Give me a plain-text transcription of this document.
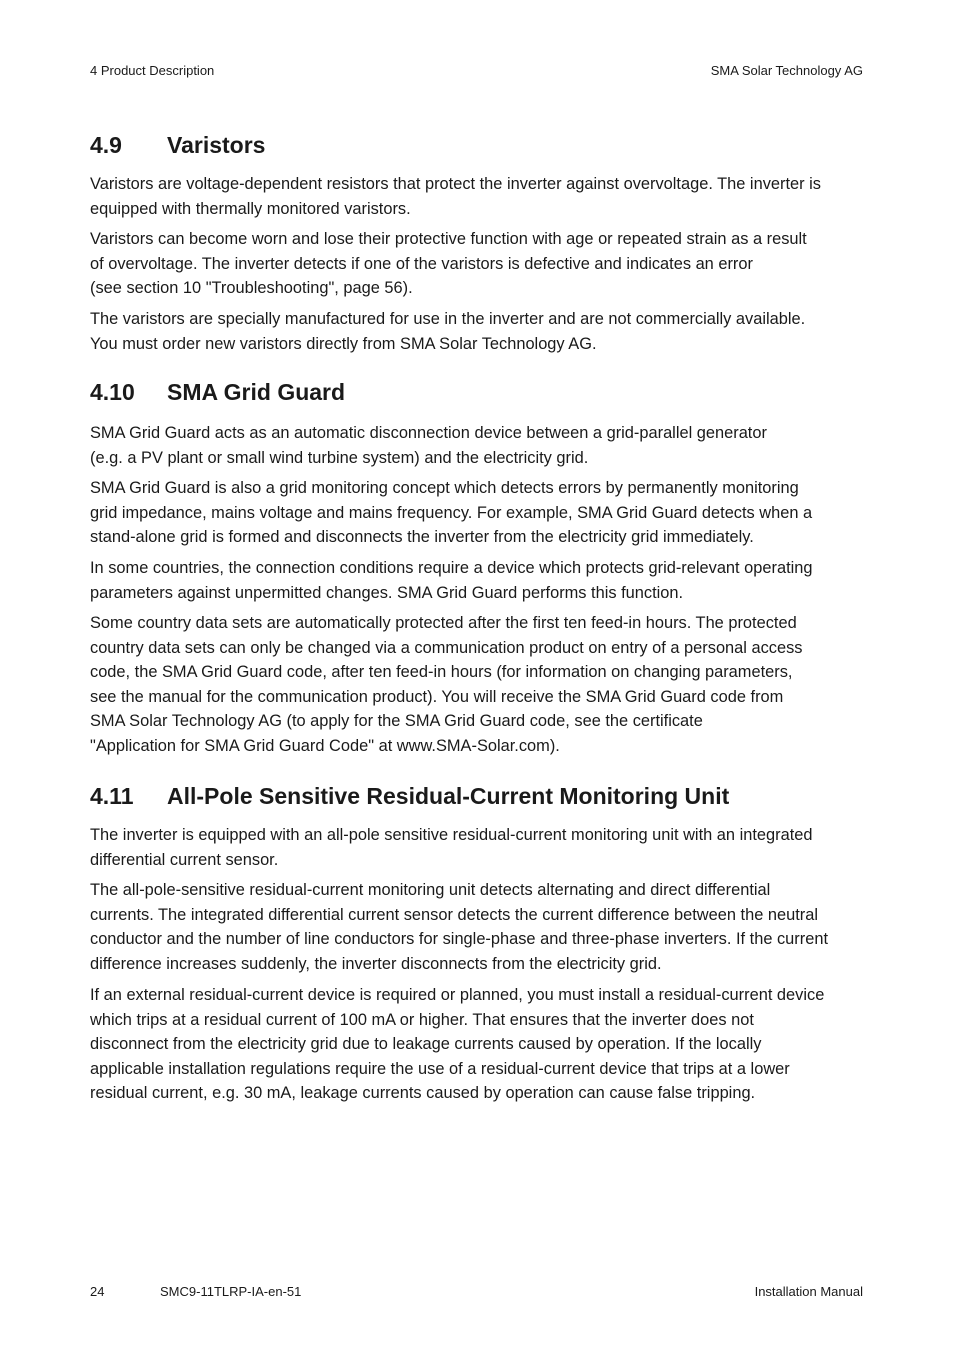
4 Product Description	SMA Solar Technology AG
4.9 Varistors

Varistors are voltage-dependent resistors that protect the inverter against overvoltage. The inverter is
equipped with thermally monitored varistors.

Varistors can become worn and lose their protective function with age or repeated strain as a result
of overvoltage. The inverter detects if one of the varistors is defective and indicates an error
(see section 10 "Troubleshooting", page 56).

The varistors are specially manufactured for use in the inverter and are not commercially available.
You must order new varistors directly from SMA Solar Technology AG.

4.10 SMA Grid Guard

SMA Grid Guard acts as an automatic disconnection device between a grid-parallel generator
(e.g. a PV plant or small wind turbine system) and the electricity grid.

SMA Grid Guard is also a grid monitoring concept which detects errors by permanently monitoring
grid impedance, mains voltage and mains frequency. For example, SMA Grid Guard detects when a
stand-alone grid is formed and disconnects the inverter from the electricity grid immediately.

In some countries, the connection conditions require a device which protects grid-relevant operating
parameters against unpermitted changes. SMA Grid Guard performs this function.

Some country data sets are automatically protected after the first ten feed-in hours. The protected
country data sets can only be changed via a communication product on entry of a personal access
code, the SMA Grid Guard code, after ten feed-in hours (for information on changing parameters,
see the manual for the communication product). You will receive the SMA Grid Guard code from
SMA Solar Technology AG (to apply for the SMA Grid Guard code, see the certificate
"Application for SMA Grid Guard Code" at www.SMA-Solar.com).

4.11 All-Pole Sensitive Residual-Current Monitoring Unit

The inverter is equipped with an all-pole sensitive residual-current monitoring unit with an integrated
differential current sensor.

The all-pole-sensitive residual-current monitoring unit detects alternating and direct differential
currents. The integrated differential current sensor detects the current difference between the neutral
conductor and the number of line conductors for single-phase and three-phase inverters. If the current
difference increases suddenly, the inverter disconnects from the electricity grid.

If an external residual-current device is required or planned, you must install a residual-current device
which trips at a residual current of 100 mA or higher. That ensures that the inverter does not
disconnect from the electricity grid due to leakage currents caused by operation. If the locally
applicable installation regulations require the use of a residual-current device that trips at a lower
residual current, e.g. 30 mA, leakage currents caused by operation can cause false tripping.

24	SMC9-11TLRP-IA-en-51	Installation Manual
